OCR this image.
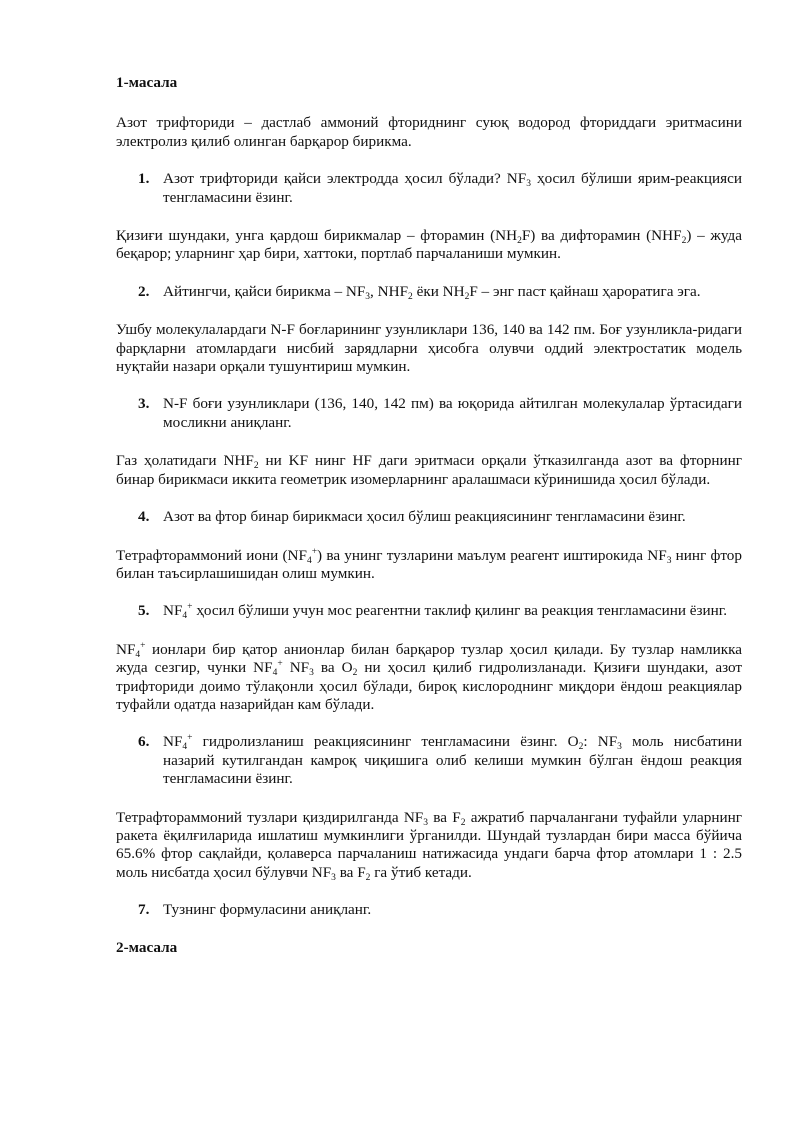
1-масала

Азот трифториди – дастлаб аммоний фториднинг суюқ водород фториддаги эритмасини электролиз қилиб олинган барқарор бирикма.

1. Азот трифториди қайси электродда ҳосил бўлади? $NF_3$ ҳосил бўлиши ярим-реакцияси тенгламасини ёзинг.

Қизиғи шундаки, унга қардош бирикмалар – фторамин $(NH_2F)$ ва дифторамин $(NHF_2)$ – жуда беқарор; уларнинг ҳар бири, хаттоки, портлаб парчаланиши мумкин.

2. Айтингчи, қайси бирикма – $NF_3$, $NHF_2$ ёки $NH_2F$ – энг паст қайнаш ҳароратига эга.

Ушбу молекулалардаги N-F боғларининг узунликлари 136, 140 ва 142 пм. Боғ узунликла-ридаги фарқларни атомлардаги нисбий зарядларни ҳисобга олувчи оддий электростатик модель нуқтайи назари орқали тушунтириш мумкин.

3. N-F боғи узунликлари (136, 140, 142 пм) ва юқорида айтилган молекулалар ўртасидаги мосликни аниқланг.

Газ ҳолатидаги $NHF_2$ ни KF нинг HF даги эритмаси орқали ўтказилганда азот ва фторнинг бинар бирикмаси иккита геометрик изомерларнинг аралашмаси кўринишида ҳосил бўлади.

4. Азот ва фтор бинар бирикмаси ҳосил бўлиш реакциясининг тенгламасини ёзинг.

Тетрафтораммоний иони $(NF_4^+)$ ва унинг тузларини маълум реагент иштирокида $NF_3$ нинг фтор билан таъсирлашишидан олиш мумкин.

5. $NF_4^+$ ҳосил бўлиши учун мос реагентни таклиф қилинг ва реакция тенгламасини ёзинг.

$NF_4^+$ ионлари бир қатор анионлар билан барқарор тузлар ҳосил қилади. Бу тузлар намликка жуда сезгир, чунки $NF_4^+$ $NF_3$ ва $O_2$ ни ҳосил қилиб гидролизланади. Қизиғи шундаки, азот трифториди доимо тўлақонли ҳосил бўлади, бироқ кислороднинг миқдори ёндош реакциялар туфайли одатда назарийдан кам бўлади.

6. $NF_4^+$ гидролизланиш реакциясининг тенгламасини ёзинг. $O_2$: $NF_3$ моль нисбатини назарий кутилгандан камроқ чиқишига олиб келиши мумкин бўлган ёндош реакция тенгламасини ёзинг.

Тетрафтораммоний тузлари қиздирилганда $NF_3$ ва $F_2$ ажратиб парчалангани туфайли уларнинг ракета ёқилғиларида ишлатиш мумкинлиги ўрганилди. Шундай тузлардан бири масса бўйича 65.6% фтор сақлайди, қолаверса парчаланиш натижасида ундаги барча фтор атомлари 1 : 2.5 моль нисбатда ҳосил бўлувчи $NF_3$ ва $F_2$ га ўтиб кетади.

7. Тузнинг формуласини аниқланг.

2-масала
